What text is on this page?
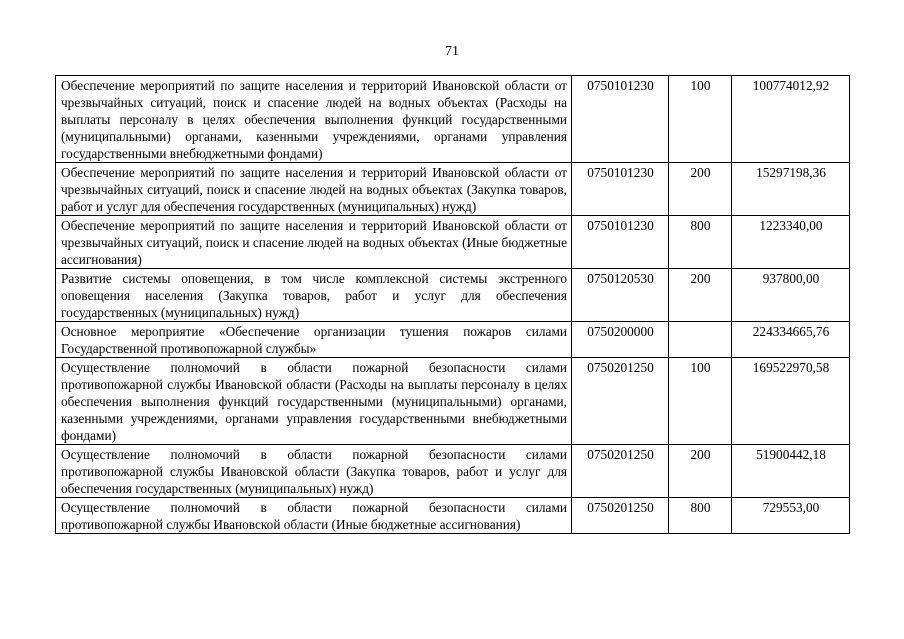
71
Обеспечение мероприятий по защите населения и территорий Ивановской области от чрезвычайных ситуаций, поиск и спасение людей на водных объектах (Расходы на выплаты персоналу в целях обеспечения выполнения функций государственными (муниципальными) органами, казенными учреждениями, органами управления государственными внебюджетными фондами)	0750101230	100	100774012,92
Обеспечение мероприятий по защите населения и территорий Ивановской области от чрезвычайных ситуаций, поиск и спасение людей на водных объектах (Закупка товаров, работ и услуг для обеспечения государственных (муниципальных) нужд)	0750101230	200	15297198,36
Обеспечение мероприятий по защите населения и территорий Ивановской области от чрезвычайных ситуаций, поиск и спасение людей на водных объектах (Иные бюджетные ассигнования)	0750101230	800	1223340,00
Развитие системы оповещения, в том числе комплексной системы экстренного оповещения населения (Закупка товаров, работ и услуг для обеспечения государственных (муниципальных) нужд)	0750120530	200	937800,00
Основное мероприятие «Обеспечение организации тушения пожаров силами Государственной противопожарной службы»	0750200000		224334665,76
Осуществление полномочий в области пожарной безопасности силами противопожарной службы Ивановской области (Расходы на выплаты персоналу в целях обеспечения выполнения функций государственными (муниципальными) органами, казенными учреждениями, органами управления государственными внебюджетными фондами)	0750201250	100	169522970,58
Осуществление полномочий в области пожарной безопасности силами противопожарной службы Ивановской области (Закупка товаров, работ и услуг для обеспечения государственных (муниципальных) нужд)	0750201250	200	51900442,18
Осуществление полномочий в области пожарной безопасности силами противопожарной службы Ивановской области (Иные бюджетные ассигнования)	0750201250	800	729553,00
